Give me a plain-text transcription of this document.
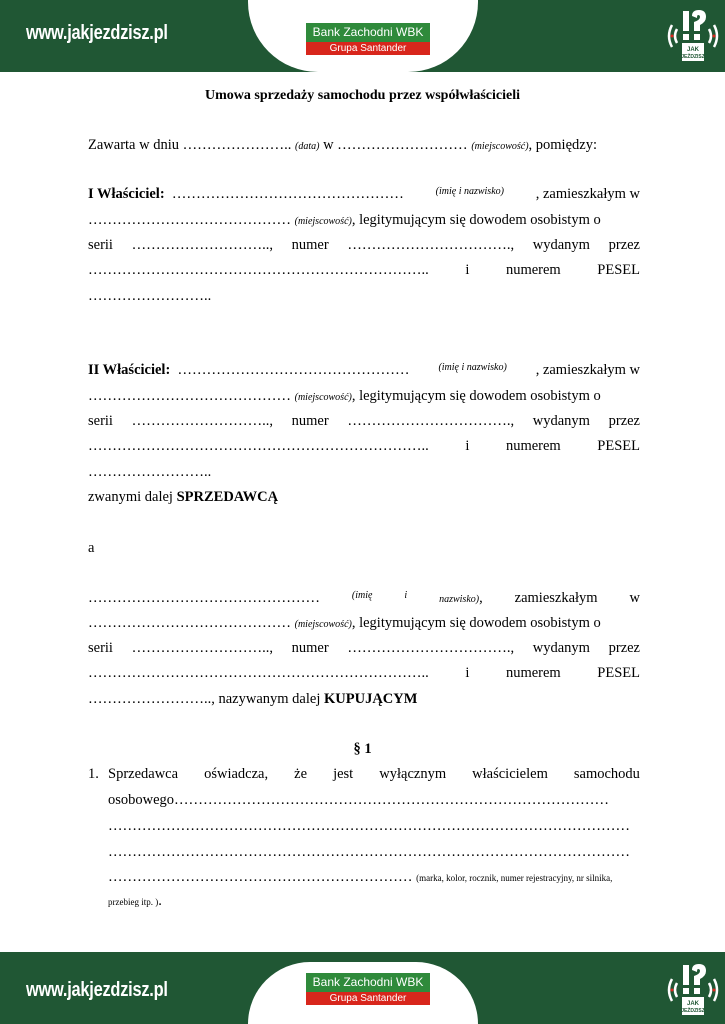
www.jakjezdzisz.pl
JAK
JEŹDZISZ
Bank Zachodni WBK
Grupa Santander
Umowa sprzedaży samochodu przez współwłaścicieli
Zawarta w dniu ………………….. (data) w ……………………… (miejscowość), pomiędzy:
I Właściciel: …………………………………………	(imię i nazwisko) , zamieszkałym w
…………………………………… (miejscowość), legitymującym się dowodem osobistym o
serii ……………………….., numer ……………………………., wydanym przez
……………………………………………………………..	i	numerem	PESEL
……………………..
II Właściciel: …………………………………………	(imię i nazwisko) , zamieszkałym w
…………………………………… (miejscowość), legitymującym się dowodem osobistym o
serii ……………………….., numer ……………………………., wydanym przez
……………………………………………………………..	i	numerem	PESEL
……………………..
zwanymi dalej SPRZEDAWCĄ
a
…………………………………………	(imię	i	nazwisko), zamieszkałym w
…………………………………… (miejscowość), legitymującym się dowodem osobistym o
serii ……………………….., numer ……………………………., wydanym przez
……………………………………………………………..	i	numerem	PESEL
…………………….., nazywanym dalej KUPUJĄCYM
§ 1
1. Sprzedawca oświadcza, że jest wyłącznym właścicielem samochodu
osobowego………………………………………………………………………………
………………………………………………………………………………………………
………………………………………………………………………………………………
……………………………………………………… (marka, kolor, rocznik, numer rejestracyjny, nr silnika,
przebieg itp. ).
www.jakjezdzisz.pl
JAK
JEŹDZISZ
Bank Zachodni WBK
Grupa Santander
